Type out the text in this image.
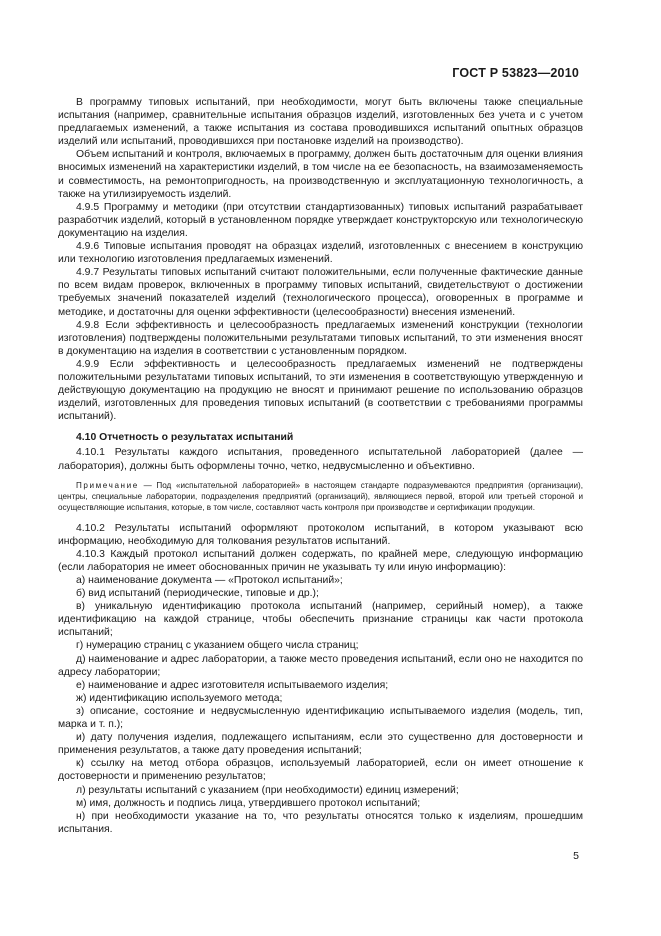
ГОСТ Р 53823—2010

В программу типовых испытаний, при необходимости, могут быть включены также специальные испытания (например, сравнительные испытания образцов изделий, изготовленных без учета и с учетом предлагаемых изменений, а также испытания из состава проводившихся испытаний опытных образцов изделий или испытаний, проводившихся при постановке изделий на производство).

Объем испытаний и контроля, включаемых в программу, должен быть достаточным для оценки влияния вносимых изменений на характеристики изделий, в том числе на ее безопасность, на взаимозаменяемость и совместимость, на ремонтопригодность, на производственную и эксплуатационную технологичность, а также на утилизируемость изделий.

4.9.5 Программу и методики (при отсутствии стандартизованных) типовых испытаний разрабатывает разработчик изделий, который в установленном порядке утверждает конструкторскую или технологическую документацию на изделия.

4.9.6 Типовые испытания проводят на образцах изделий, изготовленных с внесением в конструкцию или технологию изготовления предлагаемых изменений.

4.9.7 Результаты типовых испытаний считают положительными, если полученные фактические данные по всем видам проверок, включенных в программу типовых испытаний, свидетельствуют о достижении требуемых значений показателей изделий (технологического процесса), оговоренных в программе и методике, и достаточны для оценки эффективности (целесообразности) внесения изменений.

4.9.8 Если эффективность и целесообразность предлагаемых изменений конструкции (технологии изготовления) подтверждены положительными результатами типовых испытаний, то эти изменения вносят в документацию на изделия в соответствии с установленным порядком.

4.9.9 Если эффективность и целесообразность предлагаемых изменений не подтверждены положительными результатами типовых испытаний, то эти изменения в соответствующую утвержденную и действующую документацию на продукцию не вносят и принимают решение по использованию образцов изделий, изготовленных для проведения типовых испытаний (в соответствии с требованиями программы испытаний).

4.10 Отчетность о результатах испытаний

4.10.1 Результаты каждого испытания, проведенного испытательной лабораторией (далее — лаборатория), должны быть оформлены точно, четко, недвусмысленно и объективно.

Примечание — Под «испытательной лабораторией» в настоящем стандарте подразумеваются предприятия (организации), центры, специальные лаборатории, подразделения предприятий (организаций), являющиеся первой, второй или третьей стороной и осуществляющие испытания, которые, в том числе, составляют часть контроля при производстве и сертификации продукции.

4.10.2 Результаты испытаний оформляют протоколом испытаний, в котором указывают всю информацию, необходимую для толкования результатов испытаний.

4.10.3 Каждый протокол испытаний должен содержать, по крайней мере, следующую информацию (если лаборатория не имеет обоснованных причин не указывать ту или иную информацию):

а) наименование документа — «Протокол испытаний»;

б) вид испытаний (периодические, типовые и др.);

в) уникальную идентификацию протокола испытаний (например, серийный номер), а также идентификацию на каждой странице, чтобы обеспечить признание страницы как части протокола испытаний;

г) нумерацию страниц с указанием общего числа страниц;

д) наименование и адрес лаборатории, а также место проведения испытаний, если оно не находится по адресу лаборатории;

е) наименование и адрес изготовителя испытываемого изделия;

ж) идентификацию используемого метода;

з) описание, состояние и недвусмысленную идентификацию испытываемого изделия (модель, тип, марка и т. п.);

и) дату получения изделия, подлежащего испытаниям, если это существенно для достоверности и применения результатов, а также дату проведения испытаний;

к) ссылку на метод отбора образцов, используемый лабораторией, если он имеет отношение к достоверности и применению результатов;

л) результаты испытаний с указанием (при необходимости) единиц измерений;

м) имя, должность и подпись лица, утвердившего протокол испытаний;

н) при необходимости указание на то, что результаты относятся только к изделиям, прошедшим испытания.

5
